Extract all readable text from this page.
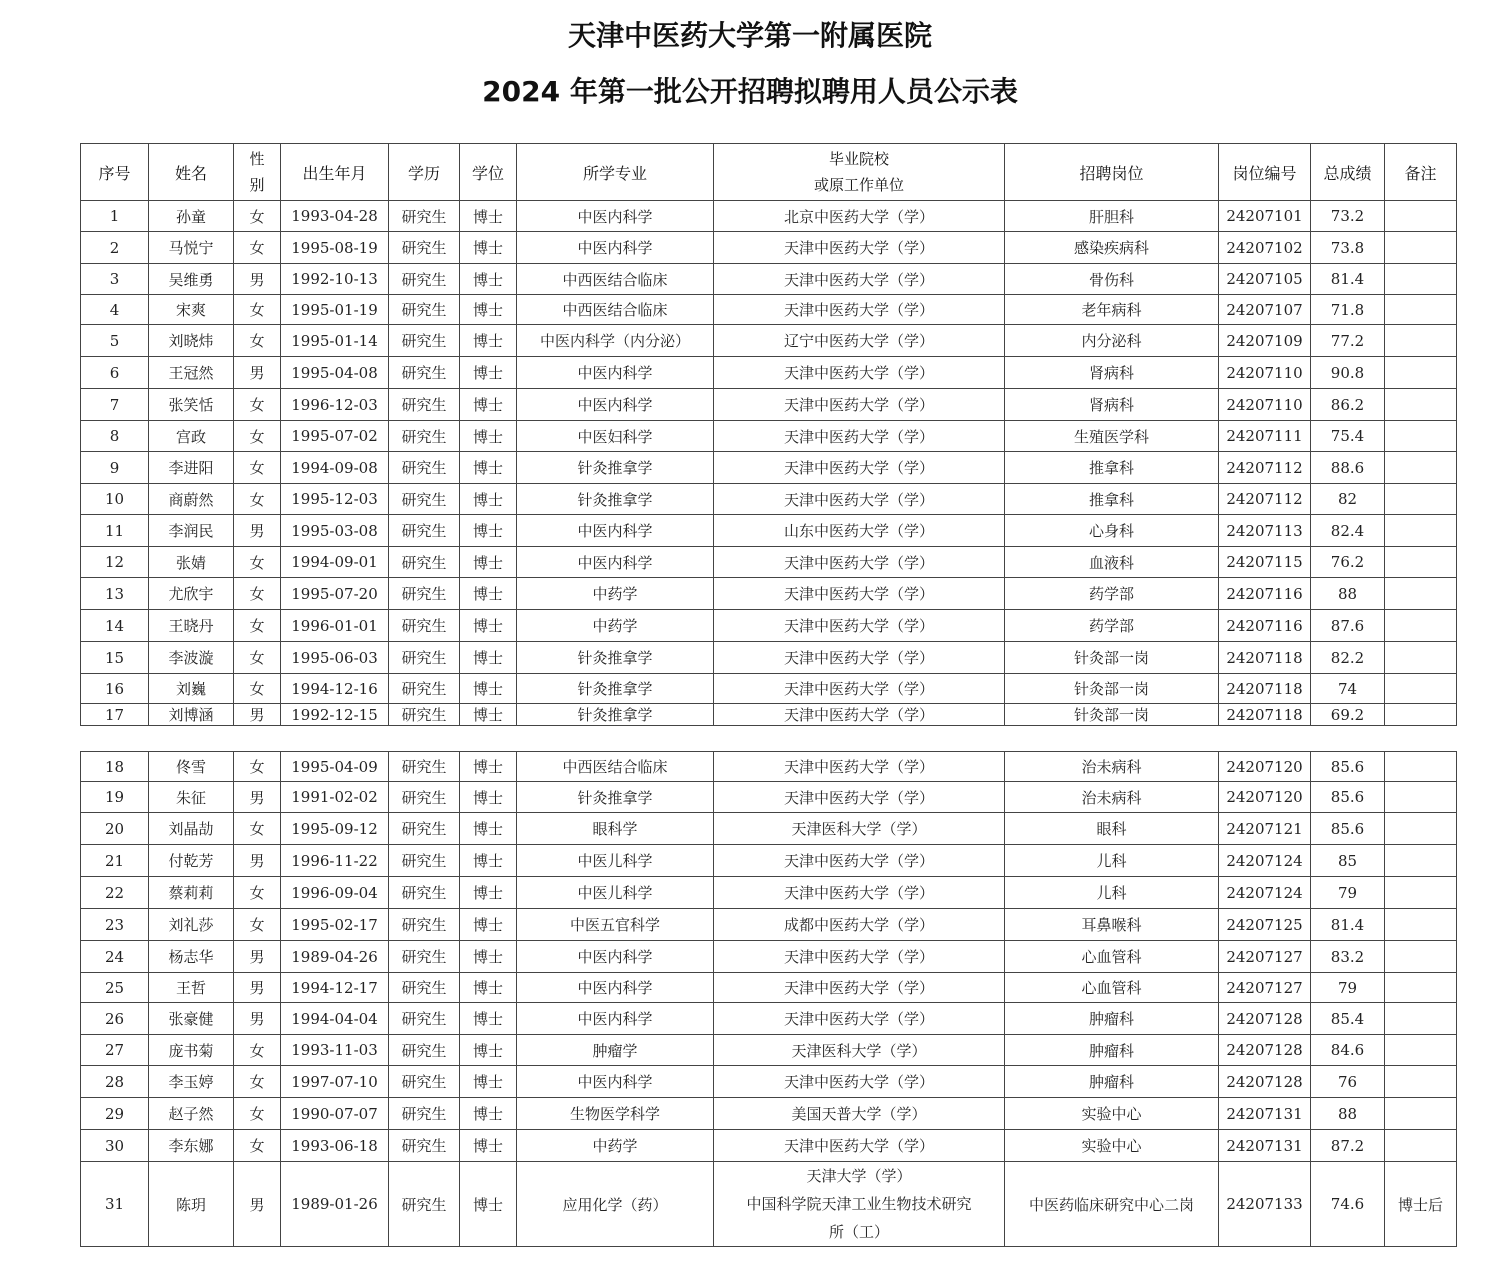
天津中医药大学第一附属医院
2024 年第一批公开招聘拟聘用人员公示表
序号	姓名	性
别	出生年月	学历	学位	所学专业	毕业院校
或原工作单位	招聘岗位	岗位编号	总成绩	备注
1	孙童	女	1993-04-28	研究生	博士	中医内科学	北京中医药大学（学）	肝胆科	24207101	73.2	
2	马悦宁	女	1995-08-19	研究生	博士	中医内科学	天津中医药大学（学）	感染疾病科	24207102	73.8	
3	吴维勇	男	1992-10-13	研究生	博士	中西医结合临床	天津中医药大学（学）	骨伤科	24207105	81.4	
4	宋爽	女	1995-01-19	研究生	博士	中西医结合临床	天津中医药大学（学）	老年病科	24207107	71.8	
5	刘晓炜	女	1995-01-14	研究生	博士	中医内科学（内分泌）	辽宁中医药大学（学）	内分泌科	24207109	77.2	
6	王冠然	男	1995-04-08	研究生	博士	中医内科学	天津中医药大学（学）	肾病科	24207110	90.8	
7	张笑恬	女	1996-12-03	研究生	博士	中医内科学	天津中医药大学（学）	肾病科	24207110	86.2	
8	宫政	女	1995-07-02	研究生	博士	中医妇科学	天津中医药大学（学）	生殖医学科	24207111	75.4	
9	李进阳	女	1994-09-08	研究生	博士	针灸推拿学	天津中医药大学（学）	推拿科	24207112	88.6	
10	商蔚然	女	1995-12-03	研究生	博士	针灸推拿学	天津中医药大学（学）	推拿科	24207112	82	
11	李润民	男	1995-03-08	研究生	博士	中医内科学	山东中医药大学（学）	心身科	24207113	82.4	
12	张婧	女	1994-09-01	研究生	博士	中医内科学	天津中医药大学（学）	血液科	24207115	76.2	
13	尤欣宇	女	1995-07-20	研究生	博士	中药学	天津中医药大学（学）	药学部	24207116	88	
14	王晓丹	女	1996-01-01	研究生	博士	中药学	天津中医药大学（学）	药学部	24207116	87.6	
15	李波漩	女	1995-06-03	研究生	博士	针灸推拿学	天津中医药大学（学）	针灸部一岗	24207118	82.2	
16	刘巍	女	1994-12-16	研究生	博士	针灸推拿学	天津中医药大学（学）	针灸部一岗	24207118	74	
17	刘博涵	男	1992-12-15	研究生	博士	针灸推拿学	天津中医药大学（学）	针灸部一岗	24207118	69.2	
18	佟雪	女	1995-04-09	研究生	博士	中西医结合临床	天津中医药大学（学）	治未病科	24207120	85.6	
19	朱征	男	1991-02-02	研究生	博士	针灸推拿学	天津中医药大学（学）	治未病科	24207120	85.6	
20	刘晶劼	女	1995-09-12	研究生	博士	眼科学	天津医科大学（学）	眼科	24207121	85.6	
21	付乾芳	男	1996-11-22	研究生	博士	中医儿科学	天津中医药大学（学）	儿科	24207124	85	
22	蔡莉莉	女	1996-09-04	研究生	博士	中医儿科学	天津中医药大学（学）	儿科	24207124	79	
23	刘礼莎	女	1995-02-17	研究生	博士	中医五官科学	成都中医药大学（学）	耳鼻喉科	24207125	81.4	
24	杨志华	男	1989-04-26	研究生	博士	中医内科学	天津中医药大学（学）	心血管科	24207127	83.2	
25	王哲	男	1994-12-17	研究生	博士	中医内科学	天津中医药大学（学）	心血管科	24207127	79	
26	张豪健	男	1994-04-04	研究生	博士	中医内科学	天津中医药大学（学）	肿瘤科	24207128	85.4	
27	庞书菊	女	1993-11-03	研究生	博士	肿瘤学	天津医科大学（学）	肿瘤科	24207128	84.6	
28	李玉婷	女	1997-07-10	研究生	博士	中医内科学	天津中医药大学（学）	肿瘤科	24207128	76	
29	赵子然	女	1990-07-07	研究生	博士	生物医学科学	美国天普大学（学）	实验中心	24207131	88	
30	李东娜	女	1993-06-18	研究生	博士	中药学	天津中医药大学（学）	实验中心	24207131	87.2	
31	陈玥	男	1989-01-26	研究生	博士	应用化学（药）	天津大学（学）
中国科学院天津工业生物技术研究
所（工）	中医药临床研究中心二岗	24207133	74.6	博士后
